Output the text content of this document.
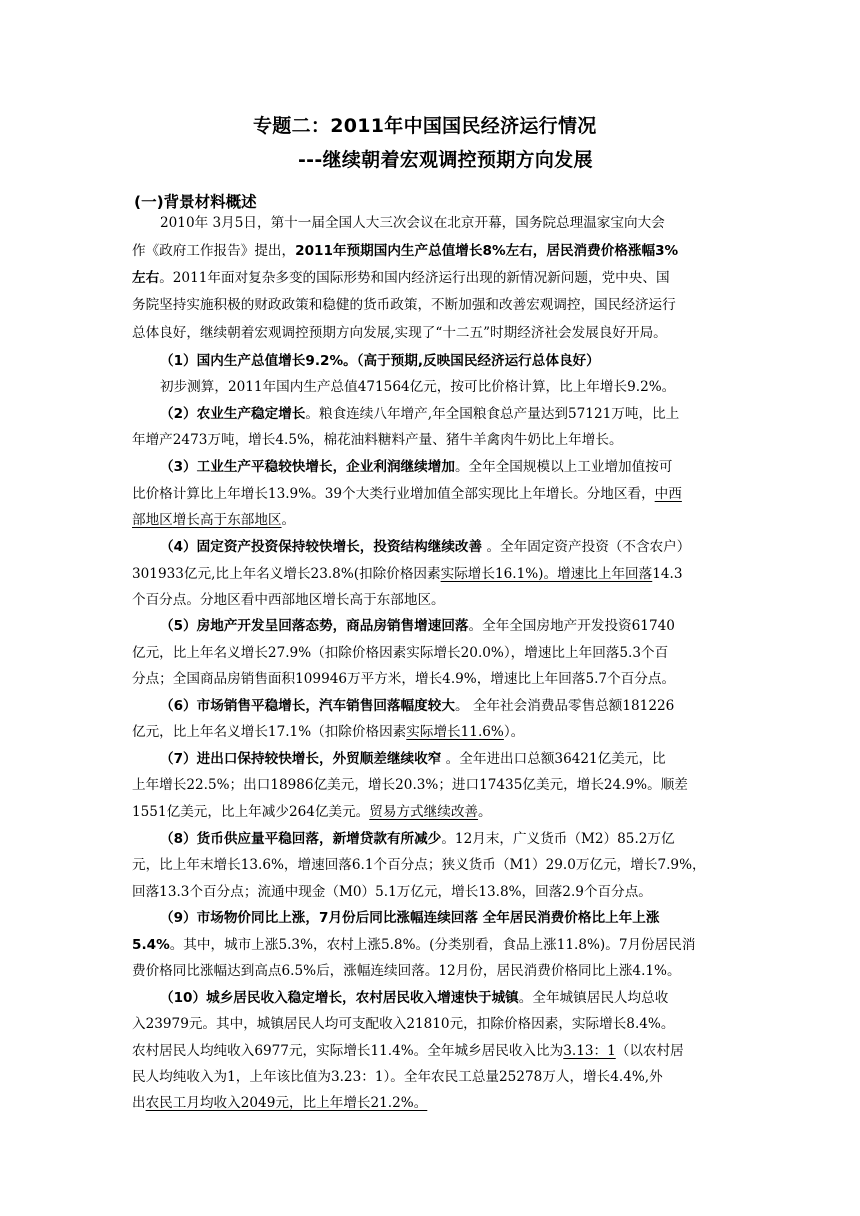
专题二：2011年中国国民经济运行情况
---继续朝着宏观调控预期方向发展
(一)背景材料概述
2010年 3月5日，第十一届全国人大三次会议在北京开幕，国务院总理温家宝向大会
作《政府工作报告》提出，2011年预期国内生产总值增长8%左右，居民消费价格涨幅3%
左右。2011年面对复杂多变的国际形势和国内经济运行出现的新情况新问题，党中央、国
务院坚持实施积极的财政政策和稳健的货币政策，不断加强和改善宏观调控，国民经济运行
总体良好，继续朝着宏观调控预期方向发展,实现了“十二五”时期经济社会发展良好开局。
（1）国内生产总值增长9.2%。（高于预期,反映国民经济运行总体良好）
初步测算，2011年国内生产总值471564亿元，按可比价格计算，比上年增长9.2%。
（2）农业生产稳定增长。粮食连续八年增产,年全国粮食总产量达到57121万吨，比上
年增产2473万吨，增长4.5%，棉花油料糖料产量、猪牛羊禽肉牛奶比上年增长。
（3）工业生产平稳较快增长，企业利润继续增加。全年全国规模以上工业增加值按可
比价格计算比上年增长13.9%。39个大类行业增加值全部实现比上年增长。分地区看，中西
部地区增长高于东部地区。
（4）固定资产投资保持较快增长，投资结构继续改善 。全年固定资产投资（不含农户）
301933亿元,比上年名义增长23.8%(扣除价格因素实际增长16.1%)。增速比上年回落14.3
个百分点。分地区看中西部地区增长高于东部地区。
（5）房地产开发呈回落态势，商品房销售增速回落。全年全国房地产开发投资61740
亿元，比上年名义增长27.9%（扣除价格因素实际增长20.0%），增速比上年回落5.3个百
分点；全国商品房销售面积109946万平方米，增长4.9%，增速比上年回落5.7个百分点。
（6）市场销售平稳增长，汽车销售回落幅度较大。 全年社会消费品零售总额181226
亿元，比上年名义增长17.1%（扣除价格因素实际增长11.6%）。
（7）进出口保持较快增长，外贸顺差继续收窄 。全年进出口总额36421亿美元，比
上年增长22.5%；出口18986亿美元，增长20.3%；进口17435亿美元，增长24.9%。顺差
1551亿美元，比上年减少264亿美元。贸易方式继续改善。
（8）货币供应量平稳回落，新增贷款有所减少。12月末，广义货币（M2）85.2万亿
元，比上年末增长13.6%，增速回落6.1个百分点；狭义货币（M1）29.0万亿元，增长7.9%，
回落13.3个百分点；流通中现金（M0）5.1万亿元，增长13.8%，回落2.9个百分点。
（9）市场物价同比上涨，7月份后同比涨幅连续回落 全年居民消费价格比上年上涨
5.4%。其中，城市上涨5.3%，农村上涨5.8%。(分类别看，食品上涨11.8%)。7月份居民消
费价格同比涨幅达到高点6.5%后，涨幅连续回落。12月份，居民消费价格同比上涨4.1%。
（10）城乡居民收入稳定增长，农村居民收入增速快于城镇。全年城镇居民人均总收
入23979元。其中，城镇居民人均可支配收入21810元，扣除价格因素，实际增长8.4%。
农村居民人均纯收入6977元，实际增长11.4%。全年城乡居民收入比为3.13：1（以农村居
民人均纯收入为1，上年该比值为3.23：1）。全年农民工总量25278万人，增长4.4%,外
出农民工月均收入2049元，比上年增长21.2%。
